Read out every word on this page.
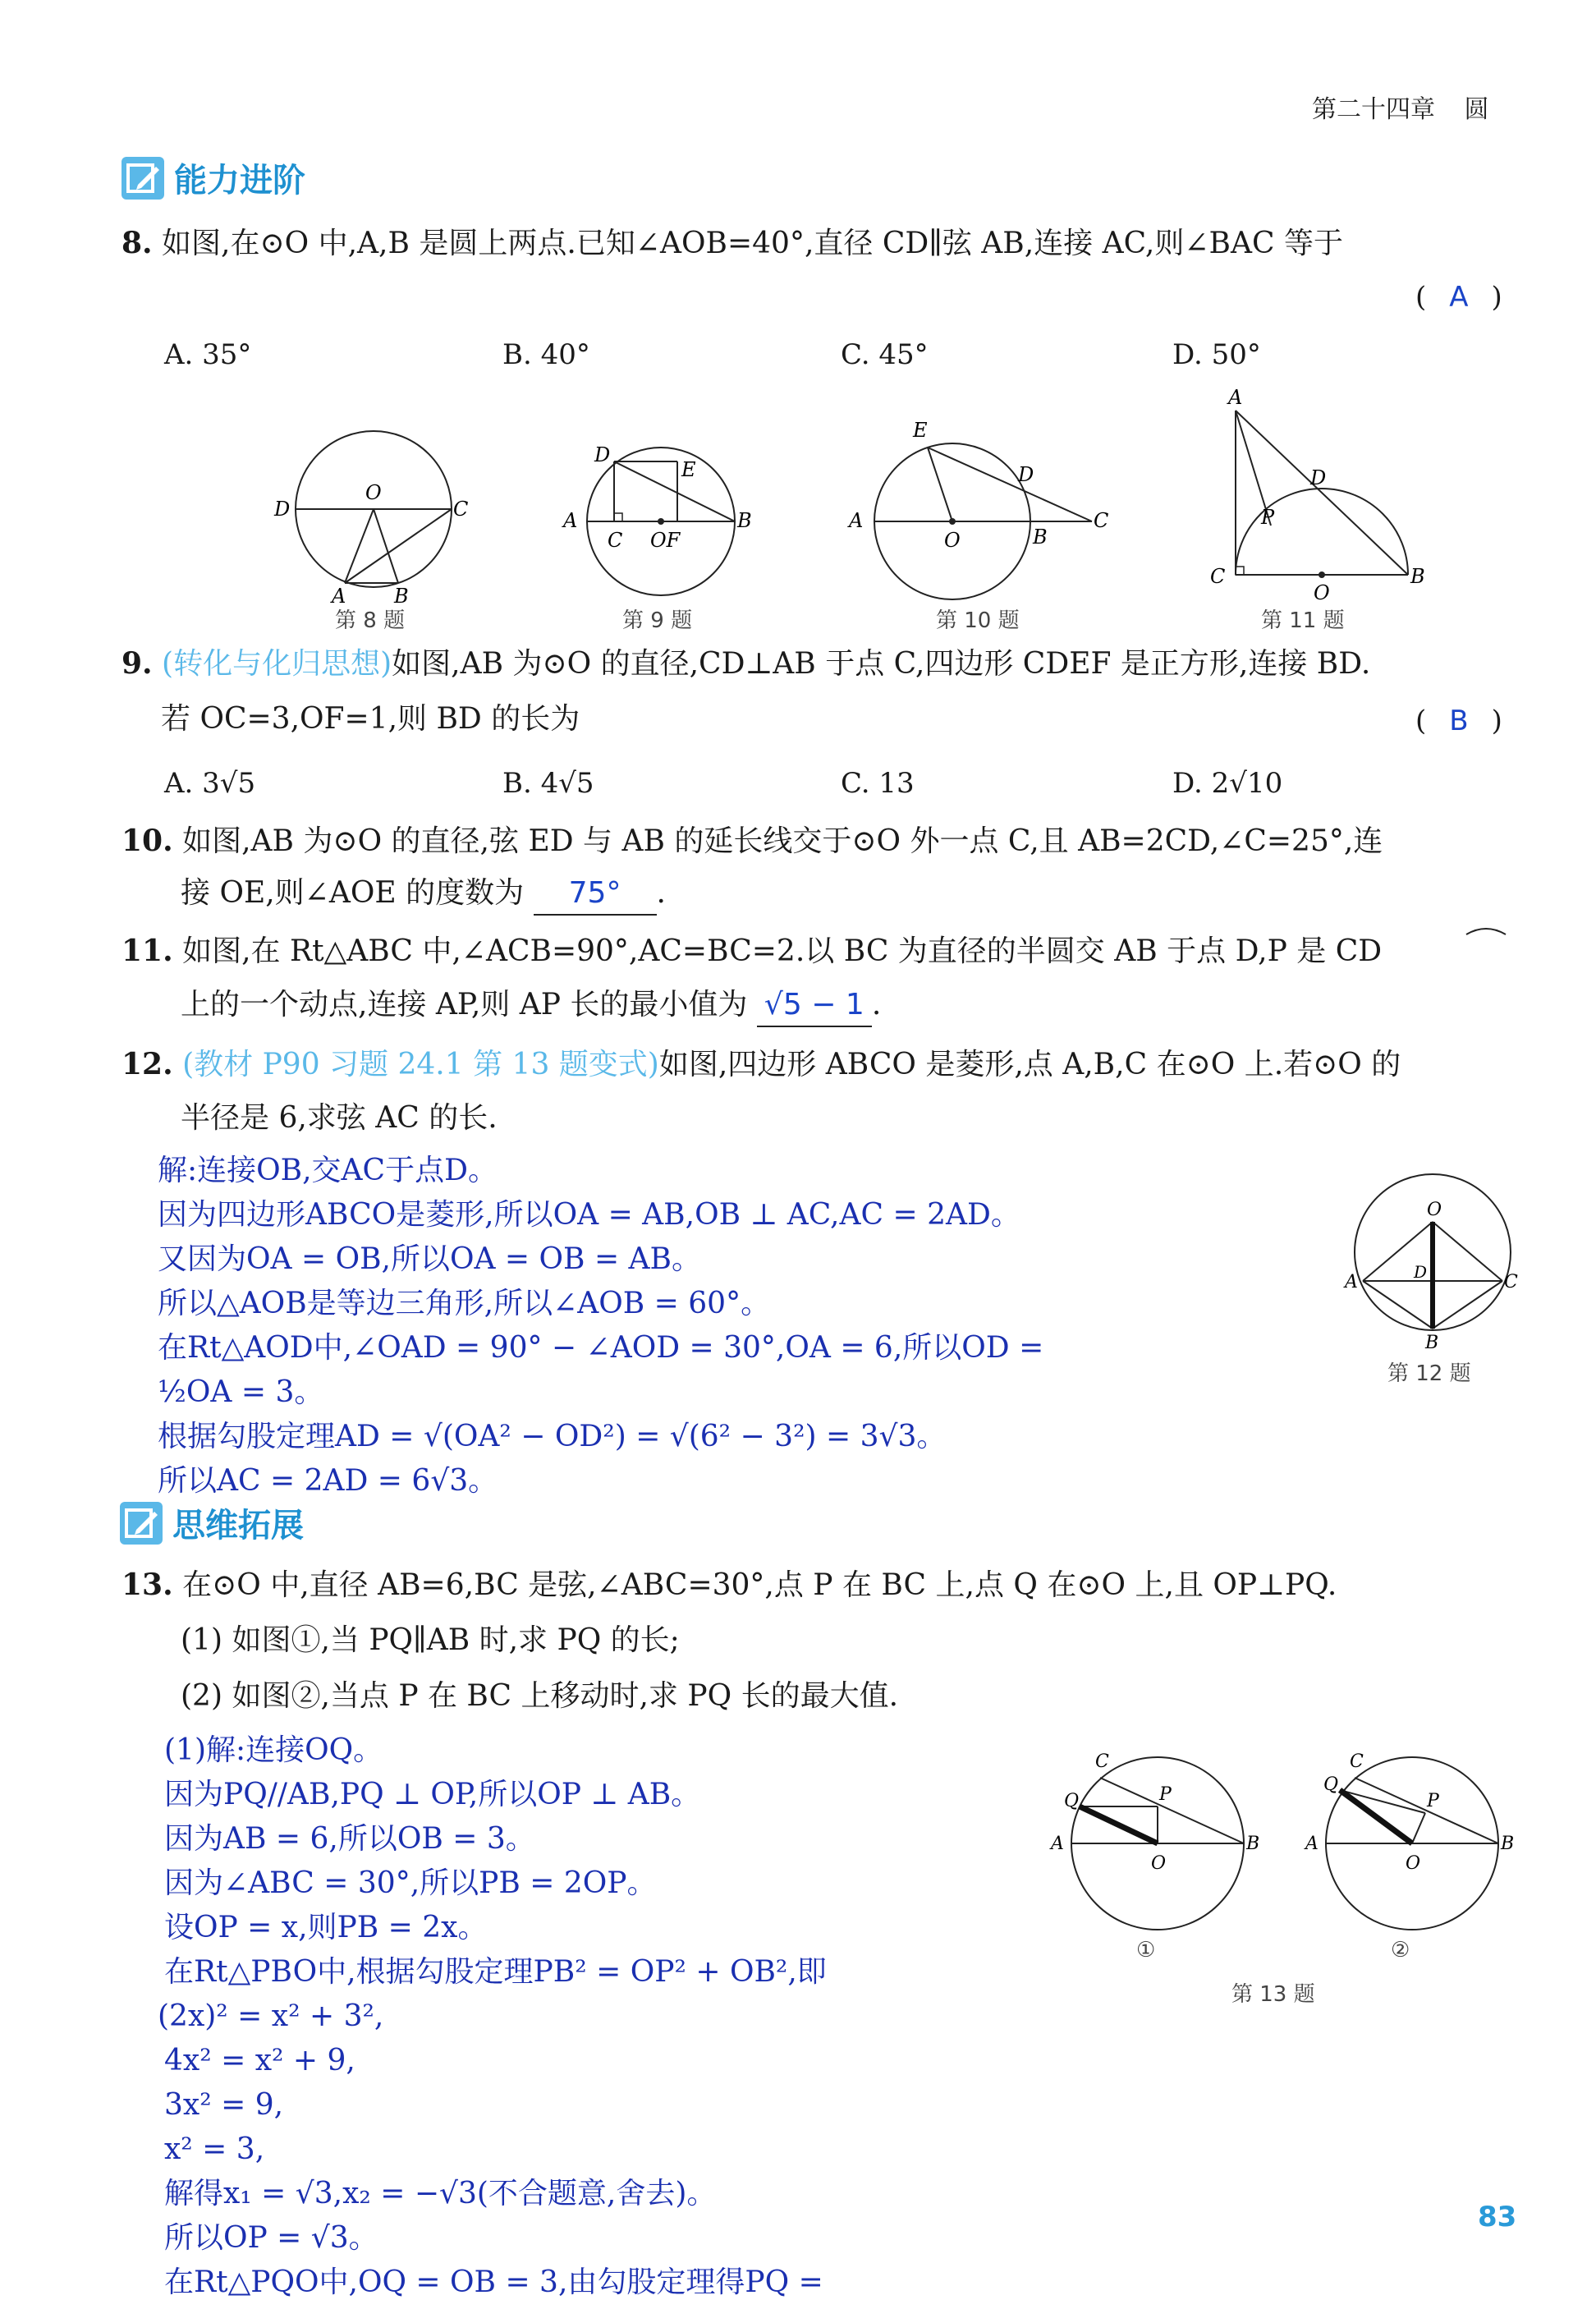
第二十四章 圆
能力进阶
8. 如图,在⊙O 中,A,B 是圆上两点.已知∠AOB=40°,直径 CD∥弦 AB,连接 AC,则∠BAC 等于
( A )
A. 35°	B. 40°	C. 45°	D. 50°
O
D	C
A B
D
E
A
C OF
B
E
D
A
O	B
C
A
D
P
C
O
B
第 8 题	第 9 题	第 10 题	第 11 题
9. (转化与化归思想)如图,AB 为⊙O 的直径,CD⊥AB 于点 C,四边形 CDEF 是正方形,连接 BD.
若 OC=3,OF=1,则 BD 的长为	( B )
A. 3√5	B. 4√5	C. 13	D. 2√10
10. 如图,AB 为⊙O 的直径,弦 ED 与 AB 的延长线交于⊙O 外一点 C,且 AB=2CD,∠C=25°,连
接 OE,则∠AOE 的度数为 75° .
11. 如图,在 Rt△ABC 中,∠ACB=90°,AC=BC=2.以 BC 为直径的半圆交 AB 于点 D,P 是 CD
上的一个动点,连接 AP,则 AP 长的最小值为 √5 − 1 .
12. (教材 P90 习题 24.1 第 13 题变式)如图,四边形 ABCO 是菱形,点 A,B,C 在⊙O 上.若⊙O 的
半径是 6,求弦 AC 的长.
解:连接OB,交AC于点D。
因为四边形ABCO是菱形,所以OA = AB,OB ⊥ AC,AC = 2AD。
又因为OA = OB,所以OA = OB = AB。
所以△AOB是等边三角形,所以∠AOB = 60°。
在Rt△AOD中,∠OAD = 90° − ∠AOD = 30°,OA = 6,所以OD =
½OA = 3。
根据勾股定理AD = √(OA² − OD²) = √(6² − 3²) = 3√3。
所以AC = 2AD = 6√3。
O
D
A	C
B
第 12 题
思维拓展
13. 在⊙O 中,直径 AB=6,BC 是弦,∠ABC=30°,点 P 在 BC 上,点 Q 在⊙O 上,且 OP⊥PQ.
(1) 如图①,当 PQ∥AB 时,求 PQ 的长;
(2) 如图②,当点 P 在 BC 上移动时,求 PQ 长的最大值.
(1)解:连接OQ。
因为PQ//AB,PQ ⊥ OP,所以OP ⊥ AB。
因为AB = 6,所以OB = 3。
因为∠ABC = 30°,所以PB = 2OP。
设OP = x,则PB = 2x。
在Rt△PBO中,根据勾股定理PB² = OP² + OB²,即
(2x)² = x² + 3²,
4x² = x² + 9,
3x² = 9,
x² = 3,
解得x₁ = √3,x₂ = −√3(不合题意,舍去)。
所以OP = √3。
在Rt△PQO中,OQ = OB = 3,由勾股定理得PQ =
C
Q	P
A
O
B
C
Q
P
A
O
B
①	②
第 13 题
83
